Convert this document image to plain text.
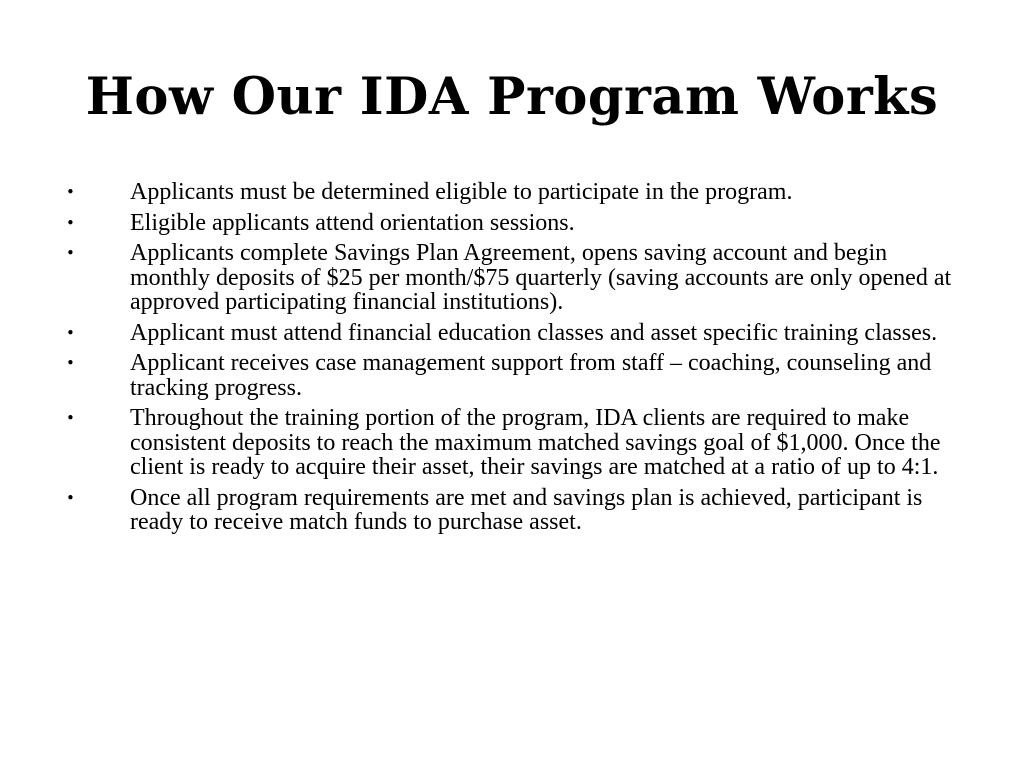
How Our IDA Program Works
•	Applicants must be determined eligible to participate in the program.
•	Eligible applicants attend orientation sessions.
•	Applicants complete Savings Plan Agreement, opens saving account and begin monthly deposits of $25 per month/$75 quarterly (saving accounts are only opened at approved participating financial institutions).
•	Applicant must attend financial education classes and asset specific training classes.
•	Applicant receives case management support from staff – coaching, counseling and tracking progress.
•	Throughout the training portion of the program, IDA clients are required to make consistent deposits to reach the maximum matched savings goal of $1,000. Once the client is ready to acquire their asset, their savings are matched at a ratio of up to 4:1.
•	Once all program requirements are met and savings plan is achieved, participant is ready to receive match funds to purchase asset.
